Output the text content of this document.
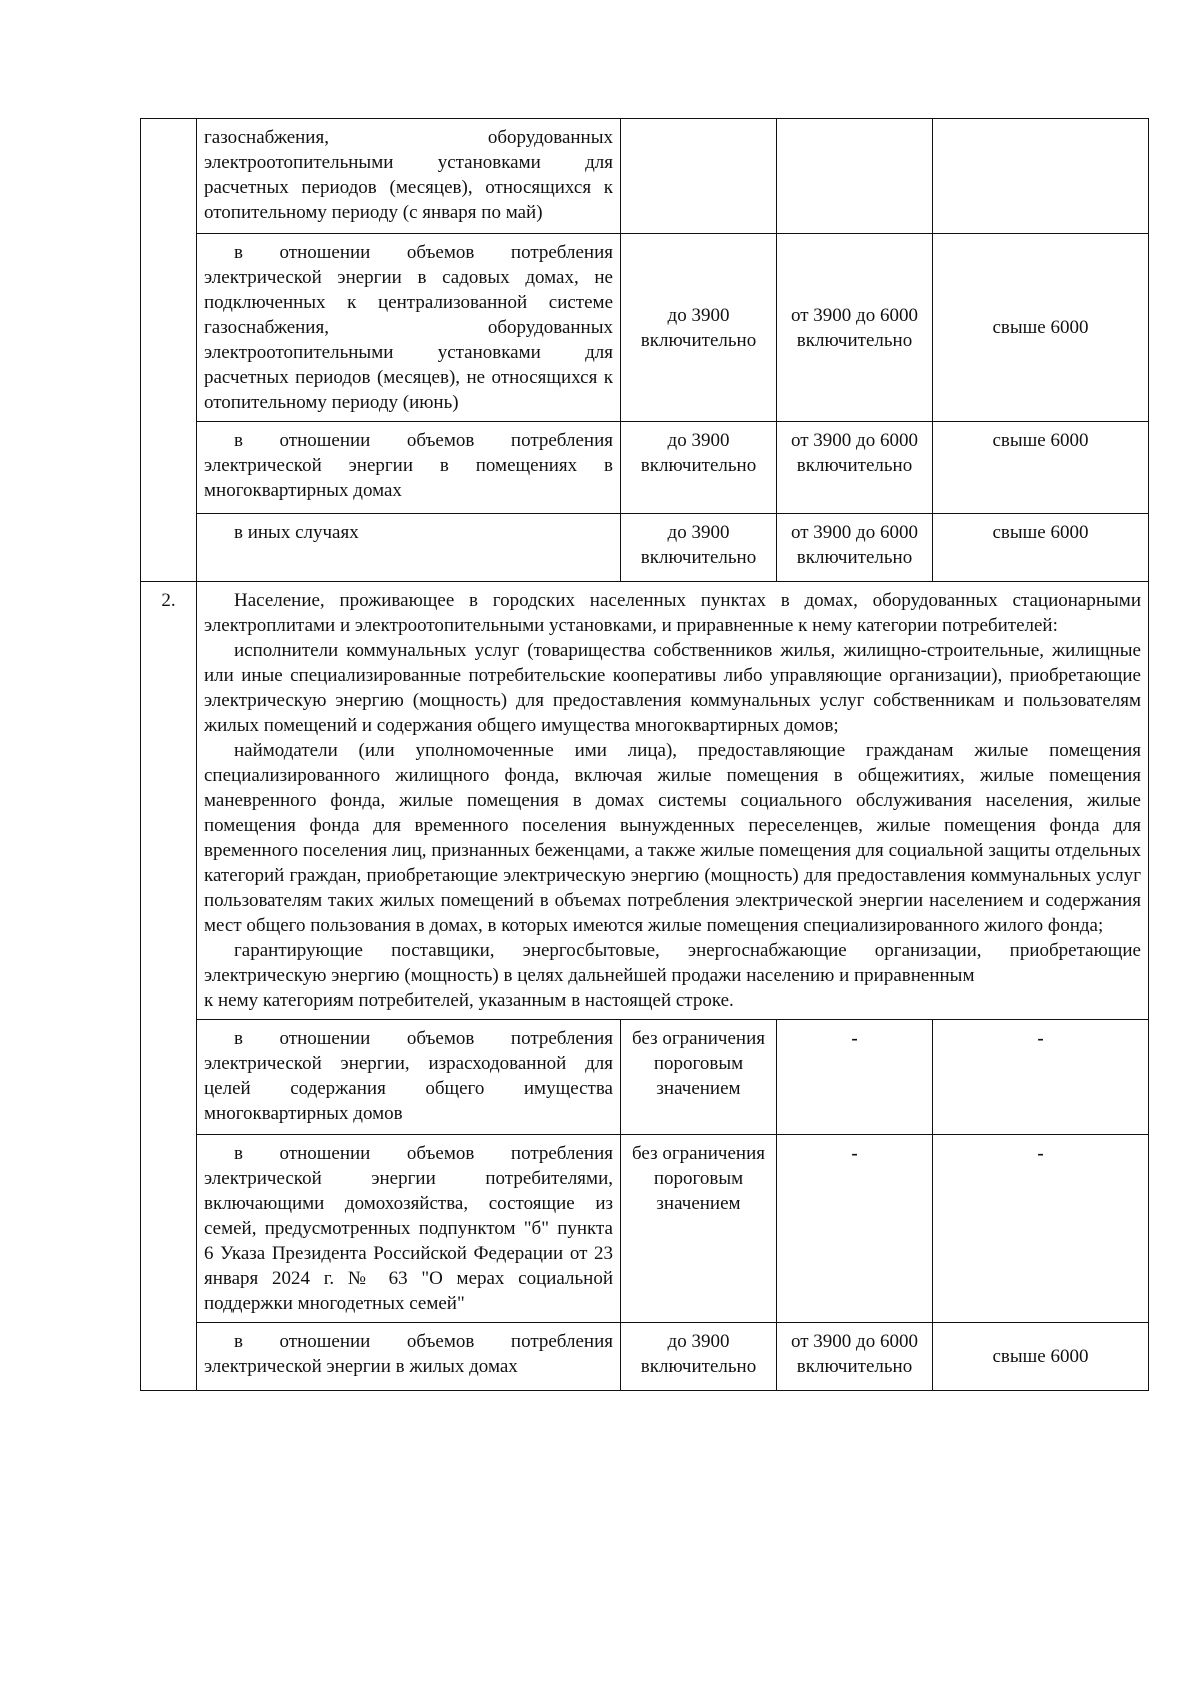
	газоснабжения, оборудованных электроотопительными установками для расчетных периодов (месяцев), относящихся к отопительному периоду (с января по май)			
	в отношении объемов потребления электрической энергии в садовых домах, не подключенных к централизованной системе газоснабжения, оборудованных электроотопительными установками для расчетных периодов (месяцев), не относящихся к отопительному периоду (июнь)	до 3900 включительно	от 3900 до 6000 включительно	свыше 6000
	в отношении объемов потребления электрической энергии в помещениях в многоквартирных домах	до 3900 включительно	от 3900 до 6000 включительно	свыше 6000
	в иных случаях	до 3900 включительно	от 3900 до 6000 включительно	свыше 6000
2.	Население, проживающее в городских населенных пунктах в домах, оборудованных стационарными электроплитами и электроотопительными установками, и приравненные к нему категории потребителей:

исполнители коммунальных услуг (товарищества собственников жилья, жилищно-строительные, жилищные или иные специализированные потребительские кооперативы либо управляющие организации), приобретающие электрическую энергию (мощность) для предоставления коммунальных услуг собственникам и пользователям жилых помещений и содержания общего имущества многоквартирных домов;

наймодатели (или уполномоченные ими лица), предоставляющие гражданам жилые помещения специализированного жилищного фонда, включая жилые помещения в общежитиях, жилые помещения маневренного фонда, жилые помещения в домах системы социального обслуживания населения, жилые помещения фонда для временного поселения вынужденных переселенцев, жилые помещения фонда для временного поселения лиц, признанных беженцами, а также жилые помещения для социальной защиты отдельных категорий граждан, приобретающие электрическую энергию (мощность) для предоставления коммунальных услуг пользователям таких жилых помещений в объемах потребления электрической энергии населением и содержания мест общего пользования в домах, в которых имеются жилые помещения специализированного жилого фонда;

гарантирующие поставщики, энергосбытовые, энергоснабжающие организации, приобретающие электрическую энергию (мощность) в целях дальнейшей продажи населению и приравненным

к нему категориям потребителей, указанным в настоящей строке.			

	в отношении объемов потребления электрической энергии, израсходованной для целей содержания общего имущества многоквартирных домов	без ограничения пороговым значением	-	-
	в отношении объемов потребления электрической энергии потребителями, включающими домохозяйства, состоящие из семей, предусмотренных подпунктом "б" пункта 6 Указа Президента Российской Федерации от 23 января 2024 г. № 63 "О мерах социальной поддержки многодетных семей"	без ограничения пороговым значением	-	-
	в отношении объемов потребления электрической энергии в жилых домах	до 3900 включительно	от 3900 до 6000 включительно	свыше 6000
